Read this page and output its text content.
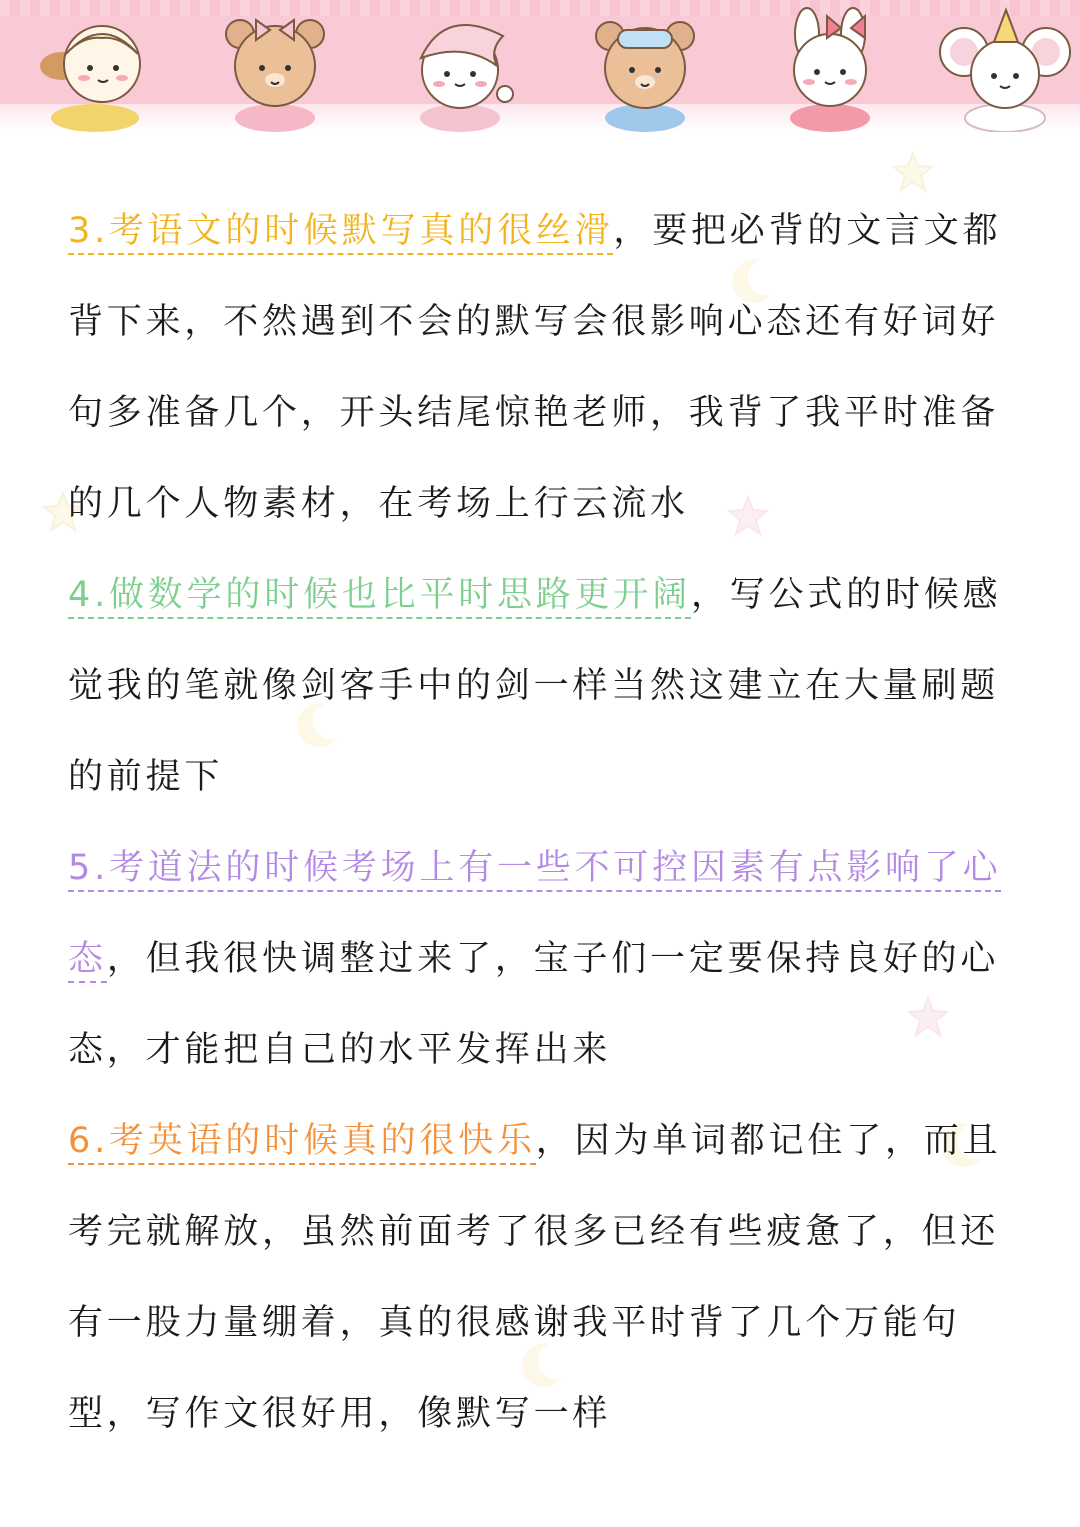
3.考语文的时候默写真的很丝滑，要把必背的文言文都背下来，不然遇到不会的默写会很影响心态还有好词好句多准备几个，开头结尾惊艳老师，我背了我平时准备的几个人物素材，在考场上行云流水

4.做数学的时候也比平时思路更开阔，写公式的时候感觉我的笔就像剑客手中的剑一样当然这建立在大量刷题的前提下

5.考道法的时候考场上有一些不可控因素有点影响了心态，但我很快调整过来了，宝子们一定要保持良好的心态，才能把自己的水平发挥出来

6.考英语的时候真的很快乐，因为单词都记住了，而且考完就解放，虽然前面考了很多已经有些疲惫了，但还有一股力量绷着，真的很感谢我平时背了几个万能句型，写作文很好用，像默写一样
